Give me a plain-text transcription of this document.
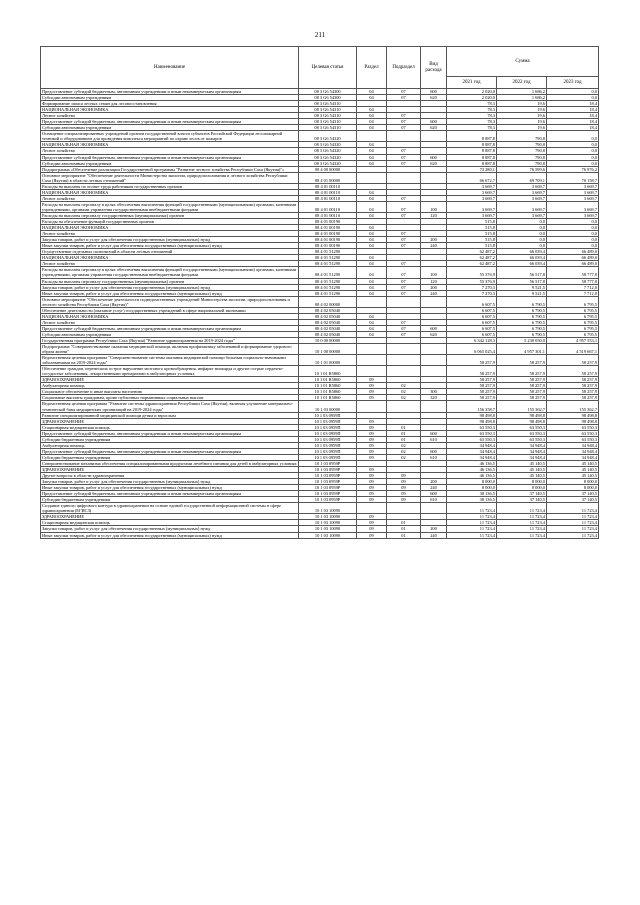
211
Наименование	Целевая статья	Раздел	Подраздел	Вид расхода	Сумма		
					2021 год	2022 год	2023 год
Предоставление субсидий бюджетным, автономным учреждениям и иным некоммерческим организациям	08 3 G6 54300	04	07	600	2 020,0	1 686,2	0,0
Субсидии автономным учреждениям	08 3 G6 54300	04	07	620	2 020,0	1 686,2	0,0
Формирование запаса лесных семян для лесовосстановления	08 3 G6 54310				78,3	19,6	18,4
НАЦИОНАЛЬНАЯ ЭКОНОМИКА	08 3 G6 54310	04			78,3	19,6	18,4
Лесное хозяйство	08 3 G6 54310	04	07		78,3	19,6	18,4
Предоставление субсидий бюджетным, автономным учреждениям и иным некоммерческим организациям	08 3 G6 54310	04	07	600	78,3	19,6	18,4
Субсидии автономным учреждениям	08 3 G6 54310	04	07	620	78,3	19,6	18,4
Оснащение специализированных учреждений органов государственной власти субъектов Российской Федерации лесопожарной техникой и оборудованием для проведения комплекса мероприятий по охране лесов от пожаров	08 3 G6 54320				8 887,8	790,8	0,0
НАЦИОНАЛЬНАЯ ЭКОНОМИКА	08 3 G6 54320	04			8 887,8	790,8	0,0
Лесное хозяйство	08 3 G6 54320	04	07		8 887,8	790,8	0,0
Предоставление субсидий бюджетным, автономным учреждениям и иным некоммерческим организациям	08 3 G6 54320	04	07	600	8 887,8	790,8	0,0
Субсидии автономным учреждениям	08 3 G6 54320	04	07	620	8 887,8	790,8	0,0
Подпрограмма «Обеспечение реализации Государственной программы "Развитие лесного хозяйства Республики Саха (Якутия)"»	08 4 00 00000				73 280,1	76 599,6	76 976,2
Основное мероприятие "Обеспечение деятельности Министерства экологии, природопользования и лесного хозяйства Республики Саха (Якутия) в области лесных отношений"	08 4 01 00000				66 672,7	69 709,1	70 158,7
Расходы на выплаты по оплате труда работников государственных органов	08 4 01 00110				3 669,7	3 669,7	3 669,7
НАЦИОНАЛЬНАЯ ЭКОНОМИКА	08 4 01 00110	04			3 669,7	3 669,7	3 669,7
Лесное хозяйство	08 4 01 00110	04	07		3 669,7	3 669,7	3 669,7
Расходы на выплаты персоналу в целях обеспечения выполнения функций государственными (муниципальными) органами, казенными учреждениями, органами управления государственными внебюджетными фондами	08 4 01 00110	04	07	100	3 669,7	3 669,7	3 669,7
Расходы на выплаты персоналу государственных (муниципальных) органов	08 4 01 00110	04	07	120	3 669,7	3 669,7	3 669,7
Расходы на обеспечение функций государственных органов	08 4 01 00190				515,8	0,0	0,0
НАЦИОНАЛЬНАЯ ЭКОНОМИКА	08 4 01 00190	04			515,8	0,0	0,0
Лесное хозяйство	08 4 01 00190	04	07		515,8	0,0	0,0
Закупка товаров, работ и услуг для обеспечения государственных (муниципальных) нужд	08 4 01 00190	04	07	200	515,8	0,0	0,0
Иные закупки товаров, работ и услуг для обеспечения государственных (муниципальных) нужд	08 4 01 00190	04	07	240	515,8	0,0	0,0
Осуществление отдельных полномочий в области лесных отношений	08 4 01 51290				62 487,2	66 039,4	66 489,0
НАЦИОНАЛЬНАЯ ЭКОНОМИКА	08 4 01 51290	04			62 487,2	66 039,4	66 489,0
Лесное хозяйство	08 4 01 51290	04	07		62 487,2	66 039,4	66 489,0
Расходы на выплаты персоналу в целях обеспечения выполнения функций государственными (муниципальными) органами, казенными учреждениями, органами управления государственными внебюджетными фондами	08 4 01 51290	04	07	100	55 376,9	56 517,8	58 777,0
Расходы на выплаты персоналу государственных (муниципальных) органов	08 4 01 51290	04	07	120	55 376,9	56 517,8	58 777,0
Закупка товаров, работ и услуг для обеспечения государственных (муниципальных) нужд	08 4 01 51290	04	07	200	7 270,3	9 521,5	7 712,0
Иные закупки товаров, работ и услуг для обеспечения государственных (муниципальных) нужд	08 4 01 51290	04	07	240	7 270,3	9 521,5	7 712,0
Основное мероприятие "Обеспечение деятельности подведомственных учреждений Министерства экологии, природопользования и лесного хозяйства Республики Саха (Якутия)"	08 4 02 00000				6 607,5	6 790,5	6 795,5
Обеспечение деятельности (оказание услуг) государственных учреждений в сфере национальной экономики	08 4 02 05040				6 607,5	6 790,5	6 795,5
НАЦИОНАЛЬНАЯ ЭКОНОМИКА	08 4 02 05040	04			6 607,5	6 790,5	6 795,5
Лесное хозяйство	08 4 02 05040	04	07		6 607,5	6 790,5	6 795,5
Предоставление субсидий бюджетным, автономным учреждениям и иным некоммерческим организациям	08 4 02 05040	04	07	600	6 607,5	6 790,5	6 795,5
Субсидии автономным учреждениям	08 4 02 05040	04	07	620	6 607,5	6 790,5	6 795,5
Государственная программа Республики Саха (Якутия) "Развитие здравоохранения на 2019-2024 годы"	10 0 00 00000				6 342 128,3	5 230 050,0	4 957 553,1
Подпрограмма "Совершенствование оказания медицинской помощи, включая профилактику заболеваний и формирование здорового образа жизни"	10 1 00 00000				6 065 025,4	4 957 301,1	4 519 667,1
Ведомственная целевая программа "Совершенствование системы оказания медицинской помощи больным социально-значимыми заболеваниями на 2019-2024 годы"	10 1 01 00000				58 257,9	58 257,9	58 257,9
Обеспечение граждан, перенесших острое нарушение мозгового кровообращения, инфаркт миокарда и другие острые сердечно-сосудистые заболевания, лекарственными препаратами в амбулаторных условиях	10 1 01 R5860				58 257,9	58 257,9	58 257,9
ЗДРАВООХРАНЕНИЕ	10 1 01 R5860	09			58 257,9	58 257,9	58 257,9
Амбулаторная помощь	10 1 01 R5860	09	02		58 257,9	58 257,9	58 257,9
Социальное обеспечение и иные выплаты населению	10 1 01 R5860	09	02	300	58 257,9	58 257,9	58 257,9
Социальные выплаты гражданам, кроме публичных нормативных социальных выплат	10 1 01 R5860	09	02	320	58 257,9	58 257,9	58 257,9
Ведомственная целевая программа "Развитие системы здравоохранения Республики Саха (Якутия), включая улучшение материально-технической базы медицинских организаций на 2019-2024 годы"	10 1 03 00000				156 358,7	155 362,7	155 362,7
Развитие специализированной медицинской помощи детям и взрослым	10 1 03 0959П				98 498,8	98 498,8	98 498,8
ЗДРАВООХРАНЕНИЕ	10 1 03 0959П	09			98 498,8	98 498,8	98 498,8
Стационарная медицинская помощь	10 1 03 0959П	09	01		63 550,3	63 550,3	63 550,3
Предоставление субсидий бюджетным, автономным учреждениям и иным некоммерческим организациям	10 1 03 0959П	09	01	600	63 550,3	63 550,3	63 550,3
Субсидии бюджетным учреждениям	10 1 03 0959П	09	01	610	63 550,3	63 550,3	63 550,3
Амбулаторная помощь	10 1 03 0959П	09	02		34 948,4	34 948,4	34 948,4
Предоставление субсидий бюджетным, автономным учреждениям и иным некоммерческим организациям	10 1 03 0959П	09	02	600	34 948,4	34 948,4	34 948,4
Субсидии бюджетным учреждениям	10 1 03 0959П	09	02	610	34 948,4	34 948,4	34 948,4
Совершенствование механизма обеспечения специализированными продуктами лечебного питания для детей в амбулаторных условиях	10 1 03 0959Р				46 136,5	45 140,5	45 140,5
ЗДРАВООХРАНЕНИЕ	10 1 03 0959Р	09			46 136,5	45 140,5	45 140,5
Другие вопросы в области здравоохранения	10 1 03 0959Р	09	09		46 136,5	45 140,5	45 140,5
Закупка товаров, работ и услуг для обеспечения государственных (муниципальных) нужд	10 1 03 0959Р	09	09	200	8 000,0	8 000,0	8 000,0
Иные закупки товаров, работ и услуг для обеспечения государственных (муниципальных) нужд	10 1 03 0959Р	09	09	240	8 000,0	8 000,0	8 000,0
Предоставление субсидий бюджетным, автономным учреждениям и иным некоммерческим организациям	10 1 03 0959Р	09	09	600	38 136,5	37 140,5	37 140,5
Субсидии бюджетным учреждениям	10 1 03 0959Р	09	09	610	38 136,5	37 140,5	37 140,5
Создание единого цифрового контура в здравоохранении на основе единой государственной информационной системы в сфере здравоохранения (ЕГИСЗ)	10 1 03 10090				11 723,4	11 723,4	11 723,4
ЗДРАВООХРАНЕНИЕ	10 1 03 10090	09			11 723,4	11 723,4	11 723,4
Стационарная медицинская помощь	10 1 03 10090	09	01		11 723,4	11 723,4	11 723,4
Закупка товаров, работ и услуг для обеспечения государственных (муниципальных) нужд	10 1 03 10090	09	01	200	11 723,4	11 723,4	11 723,4
Иные закупки товаров, работ и услуг для обеспечения государственных (муниципальных) нужд	10 1 03 10090	09	01	240	11 723,4	11 723,4	11 723,4
